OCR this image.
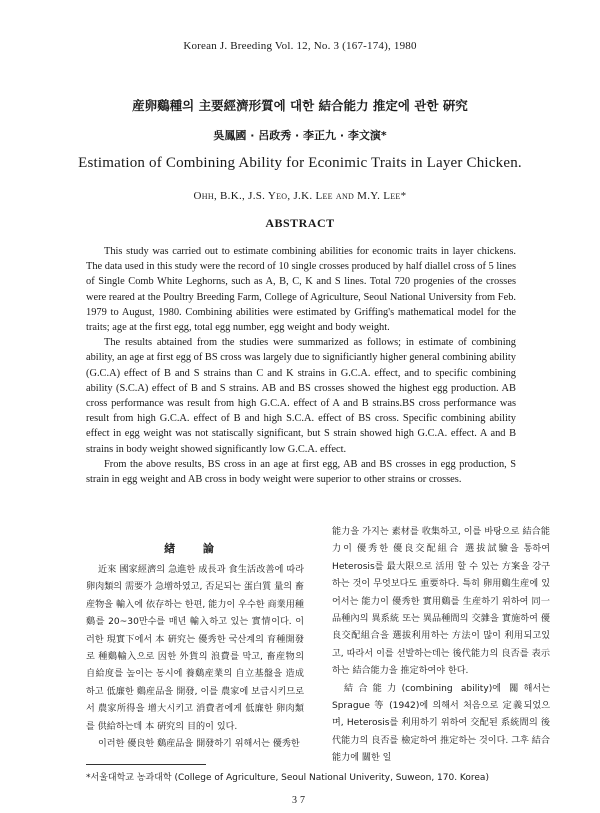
Korean J. Breeding Vol. 12, No. 3 (167-174), 1980
産卵鷄種의 主要經濟形質에 대한 結合能力 推定에 관한 硏究
吳鳳國 · 呂政秀 · 李正九 · 李文演*
Estimation of Combining Ability for Econimic Traits in Layer Chicken.
Ohh, B.K., J.S. Yeo, J.K. Lee and M.Y. Lee*
ABSTRACT

This study was carried out to estimate combining abilities for economic traits in layer chickens. The data used in this study were the record of 10 single crosses produced by half diallel cross of 5 lines of Single Comb White Leghorns, such as A, B, C, K and S lines. Total 720 progenies of the crosses were reared at the Poultry Breeding Farm, College of Agriculture, Seoul National University from Feb. 1979 to August, 1980. Combining abilities were estimated by Griffing's mathematical model for the traits; age at the first egg, total egg number, egg weight and body weight.

The results abtained from the studies were summarized as follows; in estimate of combining ability, an age at first egg of BS cross was largely due to significiantly higher general combining ability (G.C.A) effect of B and S strains than C and K strains in G.C.A. effect, and to specific combining ability (S.C.A) effect of B and S strains. AB and BS crosses showed the highest egg production. AB cross performance was result from high G.C.A. effect of A and B strains.BS cross performance was result from high G.C.A. effect of B and high S.C.A. effect of BS cross. Specific combining ability effect in egg weight was not statiscally significant, but S strain showed high G.C.A. effect. A and B strains in body weight showed significantly low G.C.A. effect.

From the above results, BS cross in an age at first egg, AB and BS crosses in egg production, S strain in egg weight and AB cross in body weight were superior to other strains or crosses.

緖 論

近來 國家經濟의 急進한 成長과 食生活改善에 따라 卵肉類의 需要가 急增하였고, 否足되는 蛋白質 量의 畜産物을 輸入에 依存하는 한편, 能力이 우수한 商業用種鷄를 20~30만수를 매년 輸入하고 있는 實情이다. 이러한 現實下에서 本 硏究는 優秀한 국산계의 育種開發로 種鷄輸入으로 因한 外貨의 浪費를 막고, 畜産物의 自給度를 높이는 동시에 養鷄産業의 自立基盤을 造成하고 低廉한 鷄産品을 開發, 이를 農家에 보급시키므로서 農家所得을 增大시키고 消費者에게 低廉한 卵肉類를 供給하는데 本 硏究의 目的이 있다.

이러한 優良한 鷄産品을 開發하기 위해서는 優秀한

能力을 가지는 素材를 收集하고, 이를 바탕으로 結合能力이 優秀한 優良交配組合 選拔試驗을 통하여 Heterosis를 最大限으로 活用 할 수 있는 方案을 강구하는 것이 무엇보다도 重要하다. 특히 卵用鷄生産에 있어서는 能力이 優秀한 實用鷄를 生産하기 위하여 同一品種內의 異系統 또는 異品種間의 交雜을 實施하여 優良交配組合을 選拔利用하는 方法이 많이 利用되고있고, 따라서 이를 선발하는데는 後代能力의 良否를 表示하는 結合能力을 推定하여야 한다.

結合能力(combining ability)에 關해서는 Sprague 等 (1942)에 의해서 처음으로 定義되었으며, Heterosis를 利用하기 위하여 交配된 系統間의 後代能力의 良否를 檢定하여 推定하는 것이다. 그후 結合能力에 關한 일

*서울대학교 농과대학 (College of Agriculture, Seoul National Univerity, Suweon, 170. Korea)
37
